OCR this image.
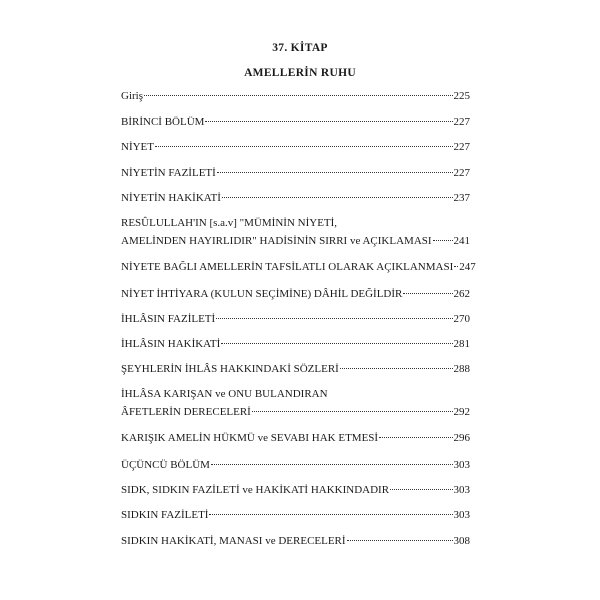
37. KİTAP
AMELLERİN RUHU
Giriş	225
BİRİNCİ BÖLÜM	227
NİYET	227
NİYETİN FAZİLETİ	227
NİYETİN HAKİKATİ	237
RESÛLULLAH'IN [s.a.v] "MÜMİNİN NİYETİ,
AMELİNDEN HAYIRLIDIR" HADİSİNİN SIRRI ve AÇIKLAMASI 241
NİYETE BAĞLI AMELLERİN TAFSİLATLI OLARAK AÇIKLANMASI 247
NİYET İHTİYARA (KULUN SEÇİMİNE) DÂHİL DEĞİLDİR	262
İHLÂSIN FAZİLETİ	270
İHLÂSIN HAKİKATİ	281
ŞEYHLERİN İHLÂS HAKKINDAKİ SÖZLERİ	288
İHLÂSA KARIŞAN ve ONU BULANDIRAN
ÂFETLERİN DERECELERİ	292
KARIŞIK AMELİN HÜKMÜ ve SEVABI HAK ETMESİ	296
ÜÇÜNCÜ BÖLÜM	303
SIDK, SIDKIN FAZİLETİ ve HAKİKATİ HAKKINDADIR	303
SIDKIN FAZİLETİ	303
SIDKIN HAKİKATİ, MANASI ve DERECELERİ	308
